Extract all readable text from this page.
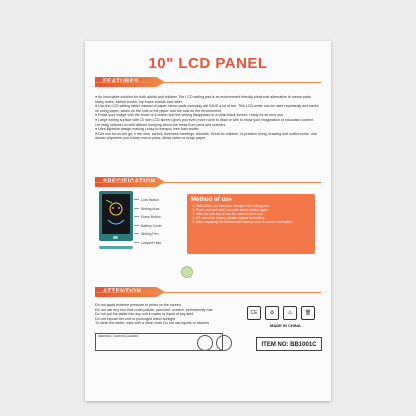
10" LCD PANEL

● An innovative solution for both adults and children The LCD writing pad is an environment friendly electronic alternative to memo pads, sticky notes, sketch books, dry erase boards and other

● Use the LCD writing tablet instead of paper memo pads everyday will SAVE a lot of tee. This LCD writer can be used repeatedly and saves on using paper, saves on the cost of the paper and the cost on the environment

● Erase your image with the touch of a button and the writing disappears to a clear black screen, ready for its next use

● Large writing surface with 10 inch LCD screen gives you even more room to draw or wile to show your imagination or education content. Let imag nations run wild without worrying about the mess from pens and markers

● Ultra lightwim design making t easy to transpo, tree than anotie

● Get one for on the go, n the ofce, school, business meetings, tutorials. Great for children, to practice wring, drawing and maths sums. Use almost anywhere you'd keep memo pads; sticky notes or scrap paper.

Lock Button
Writing Area
Erase Button
Battery Cover
Writing Pen
Lanyard Hole
Method of use
1. Pull out the pen and write directly in the writing area.
2. Press and and hold 2 seconds before writing again.
3. Slide the lock key to lock the screen before use.
4. If it cannot be erased, please replace the battery.
5. When replacing the batteries the battery cover to remove the battery.

Do not apply extreme pressure to prints on the screen

Do not use any tool that could pollute, puncture, scratch, permanently mar

Do not put the tablet into any unit in water or liquid of any kind

Do not expose the unit to prolonged direct sunlight

To clean the tablet, wipe with a clean cloth Do not use liquids or stickers

CE	♻	⚠	🗑
MADE IN CHINA
WARNING: CHOKING HAZARD
ITEM NO: BB1001C
